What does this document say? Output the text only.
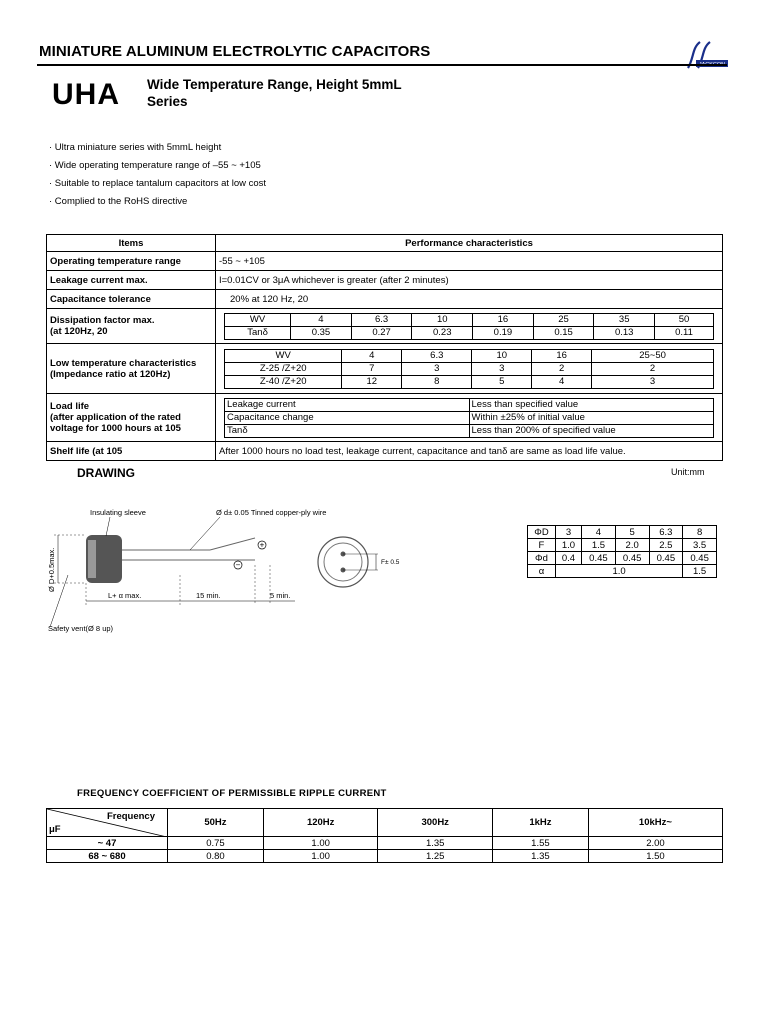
MINIATURE ALUMINUM ELECTROLYTIC CAPACITORS
JACKCON
UHA Wide Temperature Range, Height 5mmL
Series
· Ultra miniature series with 5mmL height
· Wide operating temperature range of –55 ~ +105
· Suitable to replace tantalum capacitors at low cost
· Complied to the RoHS directive
Items	Performance characteristics
Operating temperature range	-55 ~ +105
Leakage current max.	I=0.01CV or 3μA whichever is greater (after 2 minutes)
Capacitance tolerance	20% at 120 Hz, 20

Dissipation factor max.
(at 120Hz, 20

WV	4	6.3	10	16	25	35	50
Tanδ	0.35	0.27	0.23	0.19	0.15	0.13	0.11

Low temperature characteristics
(Impedance ratio at 120Hz)

WV	4	6.3	10	16	25~50
Z-25 /Z+20	7	3	3	2	2
Z-40 /Z+20	12	8	5	4	3

Load life
(after application of the rated
voltage for 1000 hours at 105

Leakage current	Less than specified value
Capacitance change	Within ±25% of initial value
Tanδ	Less than 200% of specified value

Shelf life (at 105	After 1000 hours no load test, leakage current, capacitance and tanδ are same as load life value.
DRAWING	Unit:mm
+
−
Insulating sleeve	Ø d± 0.05 Tinned copper-ply wire
Ø D+0.5max.
L+ α max.	15 min.	5 min.
Safety vent(Ø 8 up)
F± 0.5
ΦD	3	4	5	6.3	8
F	1.0	1.5	2.0	2.5	3.5
Φd	0.4	0.45	0.45	0.45	0.45
α	1.0				1.5
FREQUENCY COEFFICIENT OF PERMISSIBLE RIPPLE CURRENT
Frequency
μF	50Hz	120Hz	300Hz	1kHz	10kHz~
~ 47	0.75	1.00	1.35	1.55	2.00
68 ~ 680	0.80	1.00	1.25	1.35	1.50
